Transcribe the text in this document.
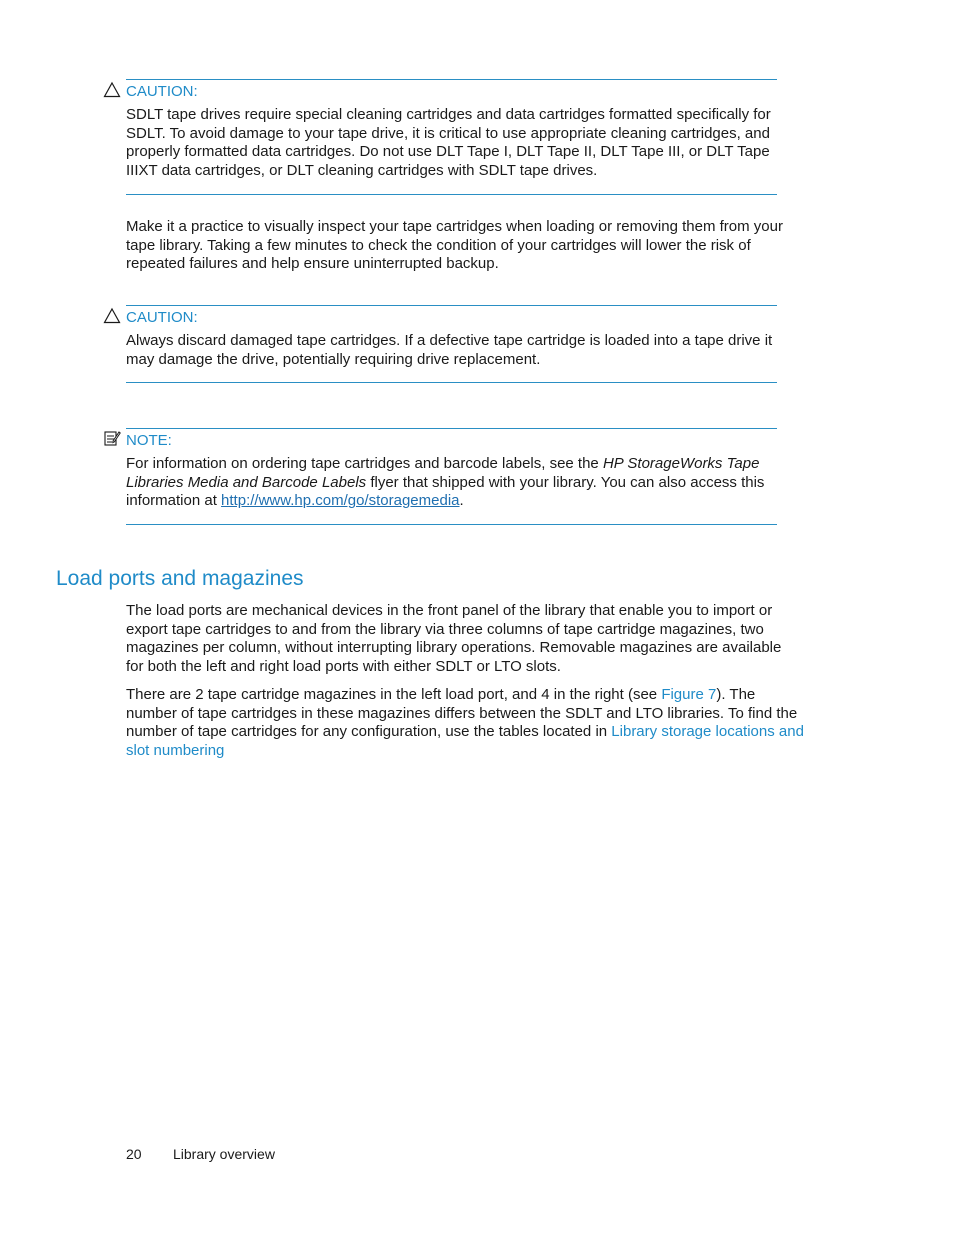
CAUTION:
SDLT tape drives require special cleaning cartridges and data cartridges formatted specifically for SDLT. To avoid damage to your tape drive, it is critical to use appropriate cleaning cartridges, and properly formatted data cartridges. Do not use DLT Tape I, DLT Tape II, DLT Tape III, or DLT Tape IIIXT data cartridges, or DLT cleaning cartridges with SDLT tape drives.

Make it a practice to visually inspect your tape cartridges when loading or removing them from your tape library. Taking a few minutes to check the condition of your cartridges will lower the risk of repeated failures and help ensure uninterrupted backup.

CAUTION:
Always discard damaged tape cartridges. If a defective tape cartridge is loaded into a tape drive it may damage the drive, potentially requiring drive replacement.
NOTE:
For information on ordering tape cartridges and barcode labels, see the HP StorageWorks Tape Libraries Media and Barcode Labels flyer that shipped with your library. You can also access this information at http://www.hp.com/go/storagemedia.
Load ports and magazines

The load ports are mechanical devices in the front panel of the library that enable you to import or export tape cartridges to and from the library via three columns of tape cartridge magazines, two magazines per column, without interrupting library operations. Removable magazines are available for both the left and right load ports with either SDLT or LTO slots.

There are 2 tape cartridge magazines in the left load port, and 4 in the right (see Figure 7). The number of tape cartridges in these magazines differs between the SDLT and LTO libraries. To find the number of tape cartridges for any configuration, use the tables located in Library storage locations and slot numbering

20 Library overview
